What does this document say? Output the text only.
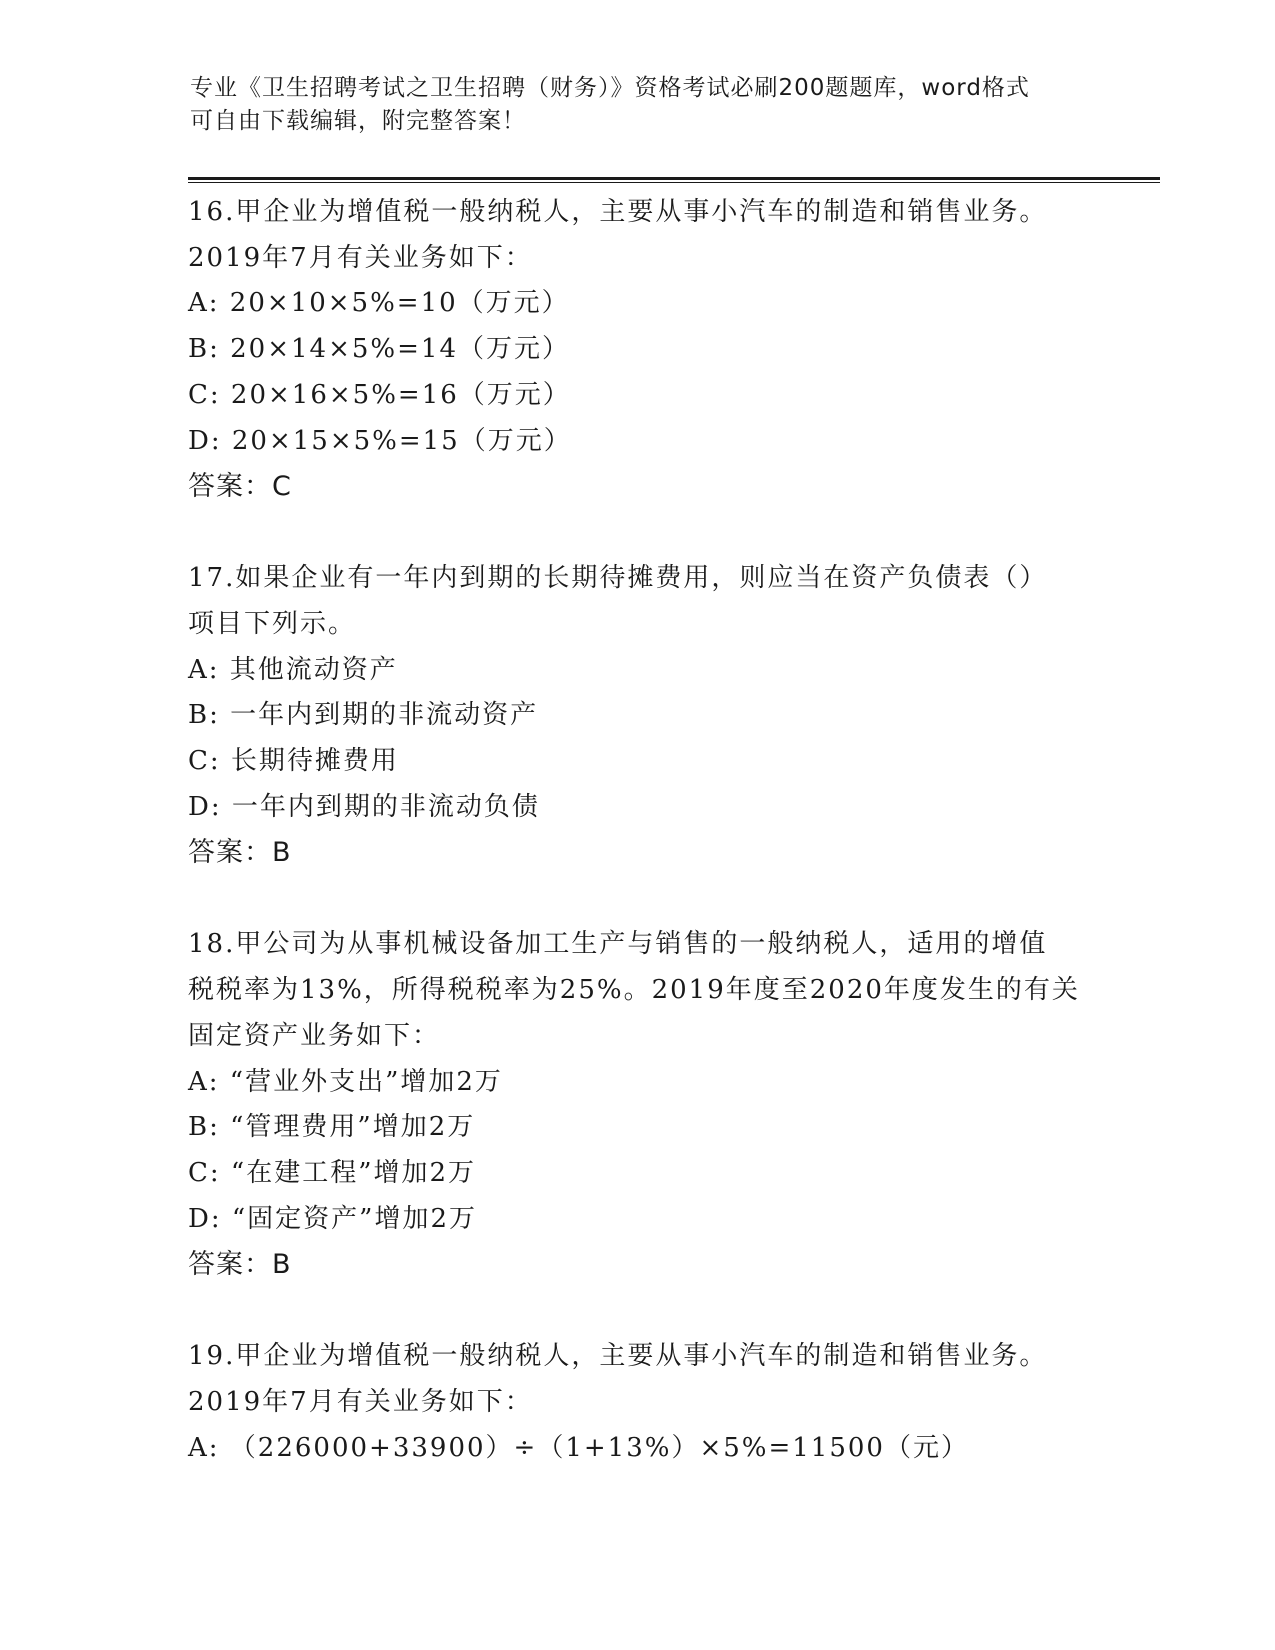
专业《卫生招聘考试之卫生招聘（财务）》资格考试必刷200题题库，word格式
可自由下载编辑，附完整答案！
16.甲企业为增值税一般纳税人，主要从事小汽车的制造和销售业务。
2019年7月有关业务如下：
A: 20×10×5%=10（万元）
B: 20×14×5%=14（万元）
C: 20×16×5%=16（万元）
D: 20×15×5%=15（万元）
答案：C
17.如果企业有一年内到期的长期待摊费用，则应当在资产负债表（）
项目下列示。
A: 其他流动资产
B: 一年内到期的非流动资产
C: 长期待摊费用
D: 一年内到期的非流动负债
答案：B
18.甲公司为从事机械设备加工生产与销售的一般纳税人，适用的增值
税税率为13%，所得税税率为25%。2019年度至2020年度发生的有关
固定资产业务如下：
A: “营业外支出”增加2万
B: “管理费用”增加2万
C: “在建工程”增加2万
D: “固定资产”增加2万
答案：B
19.甲企业为增值税一般纳税人，主要从事小汽车的制造和销售业务。
2019年7月有关业务如下：
A: （226000+33900）÷（1+13%）×5%=11500（元）
